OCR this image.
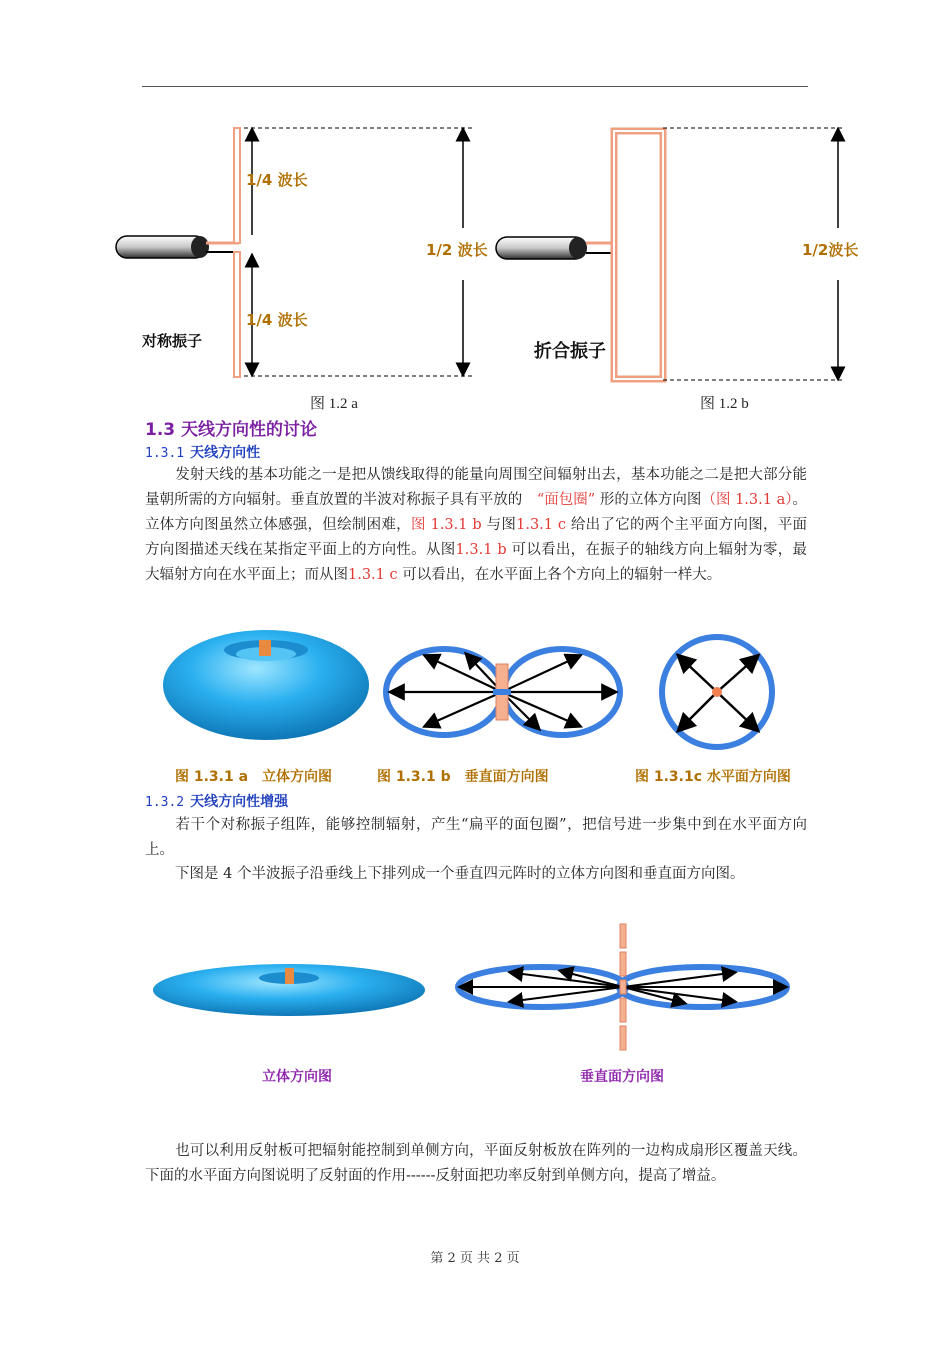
1/4 波长
1/4 波长
1/2 波长	1/2波长
对称振子	折合振子
图 1.2 a	图 1.2 b
1.3 天线方向性的讨论
1.3.1 天线方向性
发射天线的基本功能之一是把从馈线取得的能量向周围空间辐射出去，基本功能之二是把大部分能量朝所需的方向辐射。垂直放置的半波对称振子具有平放的　 “面包圈” 形的立体方向图（图 1.3.1 a）。立体方向图虽然立体感强，但绘制困难，图 1.3.1 b 与图1.3.1 c 给出了它的两个主平面方向图，平面方向图描述天线在某指定平面上的方向性。从图1.3.1 b 可以看出，在振子的轴线方向上辐射为零，最大辐射方向在水平面上；而从图1.3.1 c 可以看出，在水平面上各个方向上的辐射一样大。
图 1.3.1 a　立体方向图	图 1.3.1 b　垂直面方向图	图 1.3.1c 水平面方向图
1.3.2 天线方向性增强
若干个对称振子组阵，能够控制辐射，产生“扁平的面包圈”，把信号进一步集中到在水平面方向上。
下图是 4 个半波振子沿垂线上下排列成一个垂直四元阵时的立体方向图和垂直面方向图。
立体方向图	垂直面方向图
也可以利用反射板可把辐射能控制到单侧方向，平面反射板放在阵列的一边构成扇形区覆盖天线。下面的水平面方向图说明了反射面的作用------反射面把功率反射到单侧方向，提高了增益。
第 2 页 共 2 页
